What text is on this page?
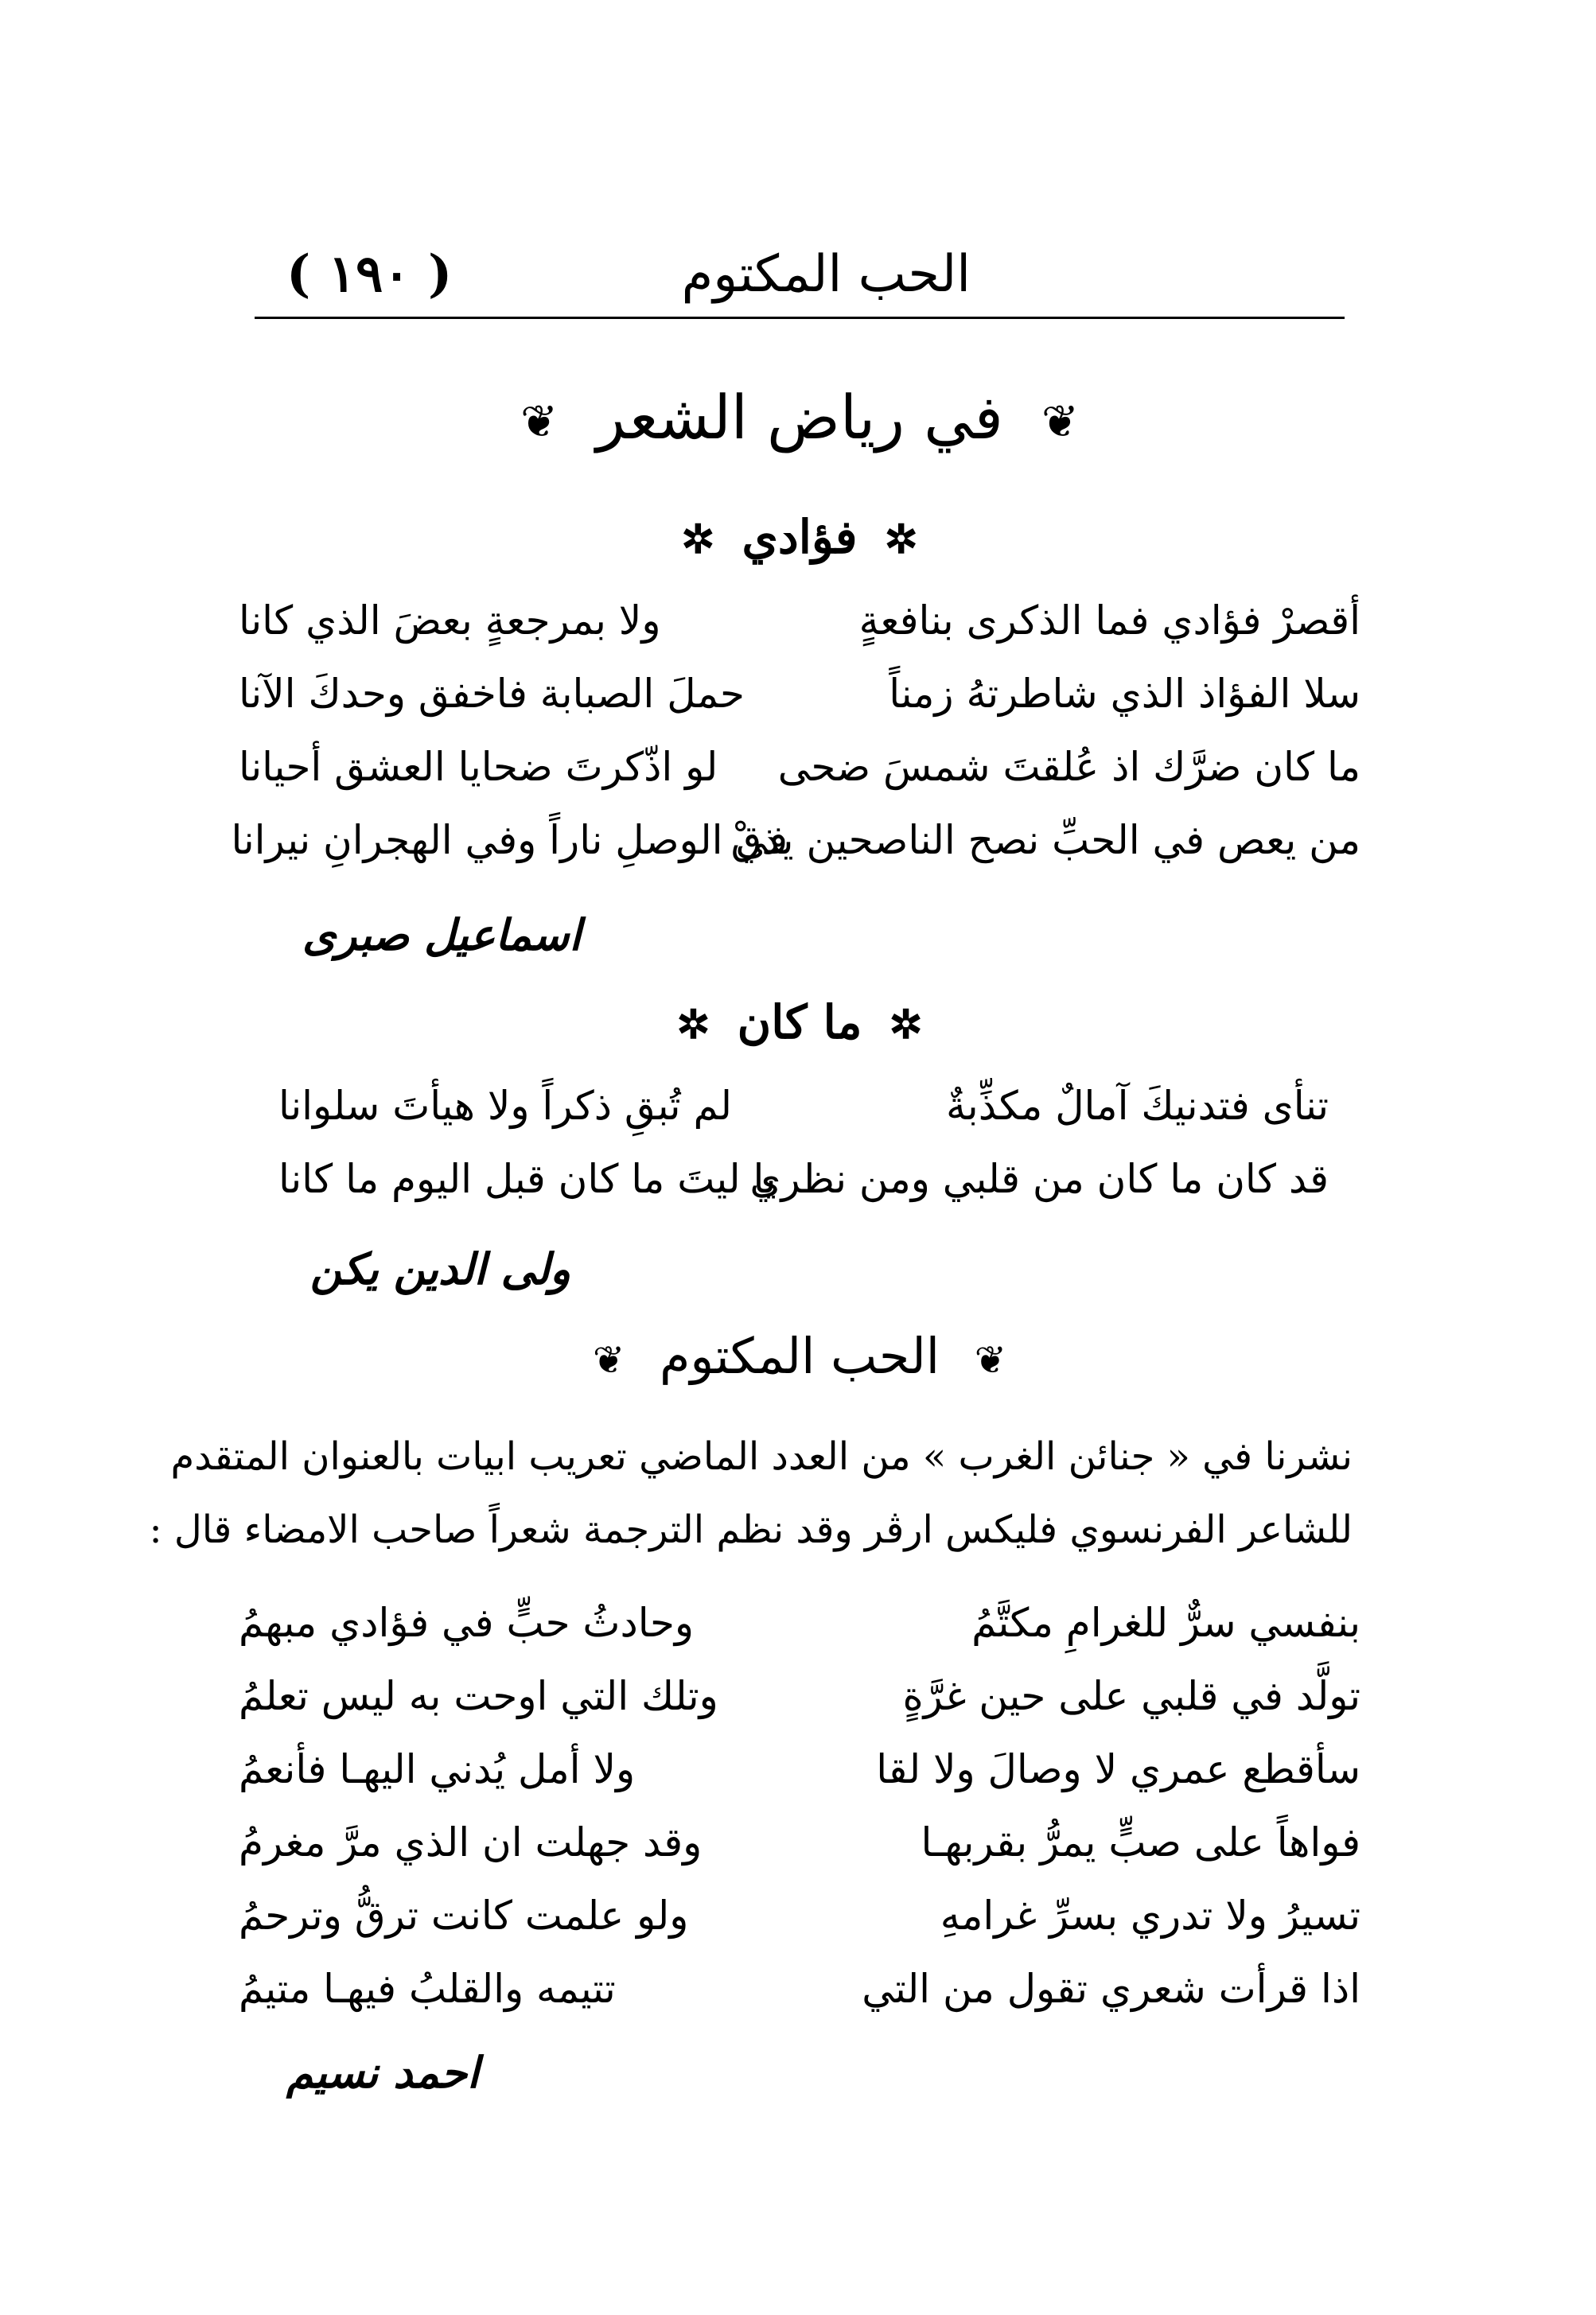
الحب المكتوم
( ١٩٠ )
❦ في رياض الشعر ❦
✲ فؤادي ✲
أقصرْ فؤادي فما الذكرى بنافعةٍ
ولا بمرجعةٍ بعضَ الذي كانا
سلا الفؤاذ الذي شاطرتهُ زمناً
حملَ الصبابة فاخفق وحدكَ الآنا
ما كان ضرَّك اذ عُلقتَ شمسَ ضحى
لو اذّكرتَ ضحايا العشق أحيانا
من يعص في الحبِّ نصح الناصحين يذقْ
في الوصلِ ناراً وفي الهجرانِ نيرانا
اسماعيل صبرى
✲ ما كان ✲
تنأى فتدنيكَ آمالٌ مكذِّبةٌ
لم تُبقِ ذكراً ولا هيأتَ سلوانا
قد كان ما كان من قلبي ومن نظري
يا ليتَ ما كان قبل اليوم ما كانا
ولى الدين يكن
❦ الحب المكتوم ❦
نشرنا في « جنائن الغرب » من العدد الماضي تعريب ابيات بالعنوان المتقدم
للشاعر الفرنسوي فليكس ارڤر وقد نظم الترجمة شعراً صاحب الامضاء قال :
بنفسي سرٌّ للغرامِ مكتَّمُ
وحادثُ حبٍّ في فؤادي مبهمُ
تولَّد في قلبي على حين غرَّةٍ
وتلك التي اوحت به ليس تعلمُ
سأقطع عمري لا وصالَ ولا لقا
ولا أمل يُدني اليهـا فأنعمُ
فواهاً على صبٍّ يمرُّ بقربهـا
وقد جهلت ان الذي مرَّ مغرمُ
تسيرُ ولا تدري بسرِّ غرامهِ
ولو علمت كانت ترقُّ وترحمُ
اذا قرأت شعري تقول من التي
تتيمه والقلبُ فيهـا متيمُ
احمد نسيم
